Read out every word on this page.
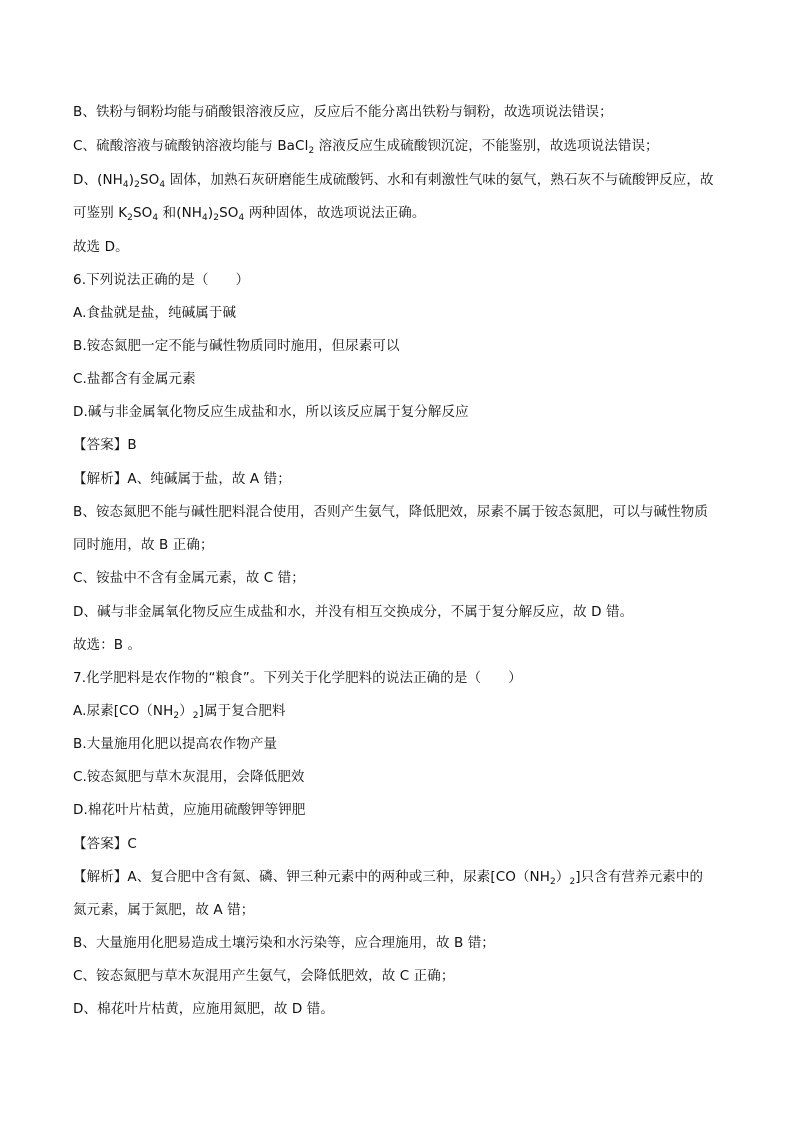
B、铁粉与铜粉均能与硝酸银溶液反应，反应后不能分离出铁粉与铜粉，故选项说法错误；
C、硫酸溶液与硫酸钠溶液均能与 BaCl$_2$ 溶液反应生成硫酸钡沉淀，不能鉴别，故选项说法错误；
D、$(NH_4)_2SO_4$ 固体，加熟石灰研磨能生成硫酸钙、水和有刺激性气味的氨气，熟石灰不与硫酸钾反应，故
可鉴别 $K_2SO_4$ 和$(NH_4)_2SO_4$ 两种固体，故选项说法正确。
故选 D。
6.下列说法正确的是（　　）
A.食盐就是盐，纯碱属于碱
B.铵态氮肥一定不能与碱性物质同时施用，但尿素可以
C.盐都含有金属元素
D.碱与非金属氧化物反应生成盐和水，所以该反应属于复分解反应
【答案】B
【解析】A、纯碱属于盐，故 A 错；
B、铵态氮肥不能与碱性肥料混合使用，否则产生氨气，降低肥效，尿素不属于铵态氮肥，可以与碱性物质
同时施用，故 B 正确；
C、铵盐中不含有金属元素，故 C 错；
D、碱与非金属氧化物反应生成盐和水，并没有相互交换成分，不属于复分解反应，故 D 错。
故选：B 。
7.化学肥料是农作物的“粮食”。下列关于化学肥料的说法正确的是（　　）
A.尿素$[CO(NH_2)_2]$属于复合肥料
B.大量施用化肥以提高农作物产量
C.铵态氮肥与草木灰混用，会降低肥效
D.棉花叶片枯黄，应施用硫酸钾等钾肥
【答案】C
【解析】A、复合肥中含有氮、磷、钾三种元素中的两种或三种，尿素$[CO(NH_2)_2]$只含有营养元素中的
氮元素，属于氮肥，故 A 错；
B、大量施用化肥易造成土壤污染和水污染等，应合理施用，故 B 错；
C、铵态氮肥与草木灰混用产生氨气，会降低肥效，故 C 正确；
D、棉花叶片枯黄，应施用氮肥，故 D 错。
